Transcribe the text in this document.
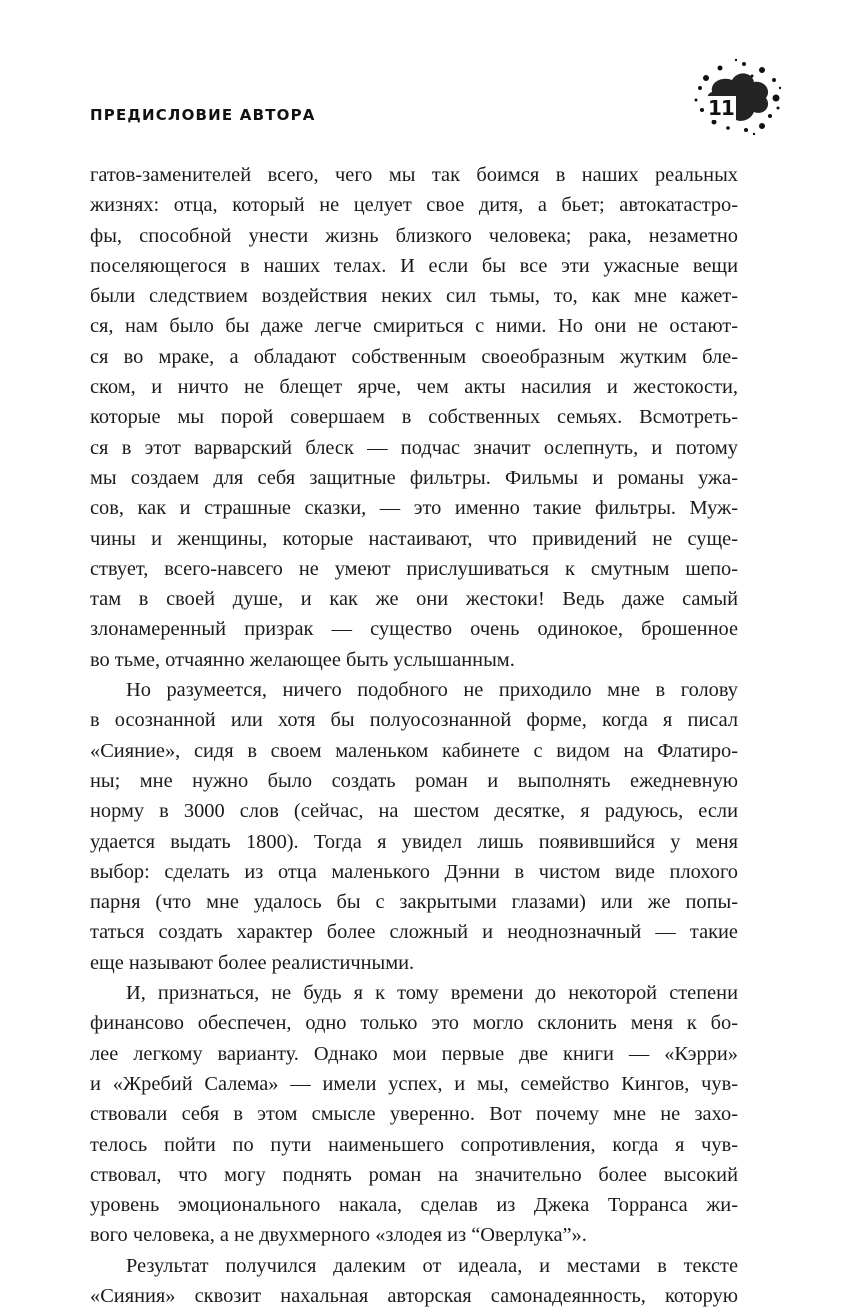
ПРЕДИСЛОВИЕ АВТОРА	11
гатов-заменителей всего, чего мы так боимся в наших реальных
жизнях: отца, который не целует свое дитя, а бьет; автокатастро-
фы, способной унести жизнь близкого человека; рака, незаметно
поселяющегося в наших телах. И если бы все эти ужасные вещи
были следствием воздействия неких сил тьмы, то, как мне кажет-
ся, нам было бы даже легче смириться с ними. Но они не остают-
ся во мраке, а обладают собственным своеобразным жутким бле-
ском, и ничто не блещет ярче, чем акты насилия и жестокости,
которые мы порой совершаем в собственных семьях. Всмотреть-
ся в этот варварский блеск — подчас значит ослепнуть, и потому
мы создаем для себя защитные фильтры. Фильмы и романы ужа-
сов, как и страшные сказки, — это именно такие фильтры. Муж-
чины и женщины, которые настаивают, что привидений не суще-
ствует, всего-навсего не умеют прислушиваться к смутным шепо-
там в своей душе, и как же они жестоки! Ведь даже самый
злонамеренный призрак — существо очень одинокое, брошенное
во тьме, отчаянно желающее быть услышанным.
Но разумеется, ничего подобного не приходило мне в голову
в осознанной или хотя бы полуосознанной форме, когда я писал
«Сияние», сидя в своем маленьком кабинете с видом на Флатиро-
ны; мне нужно было создать роман и выполнять ежедневную
норму в 3000 слов (сейчас, на шестом десятке, я радуюсь, если
удается выдать 1800). Тогда я увидел лишь появившийся у меня
выбор: сделать из отца маленького Дэнни в чистом виде плохого
парня (что мне удалось бы с закрытыми глазами) или же попы-
таться создать характер более сложный и неоднозначный — такие
еще называют более реалистичными.
И, признаться, не будь я к тому времени до некоторой степени
финансово обеспечен, одно только это могло склонить меня к бо-
лее легкому варианту. Однако мои первые две книги — «Кэрри»
и «Жребий Салема» — имели успех, и мы, семейство Кингов, чув-
ствовали себя в этом смысле уверенно. Вот почему мне не захо-
телось пойти по пути наименьшего сопротивления, когда я чув-
ствовал, что могу поднять роман на значительно более высокий
уровень эмоционального накала, сделав из Джека Торранса жи-
вого человека, а не двухмерного «злодея из “Оверлука”».
Результат получился далеким от идеала, и местами в тексте
«Сияния» сквозит нахальная авторская самонадеянность, которую
